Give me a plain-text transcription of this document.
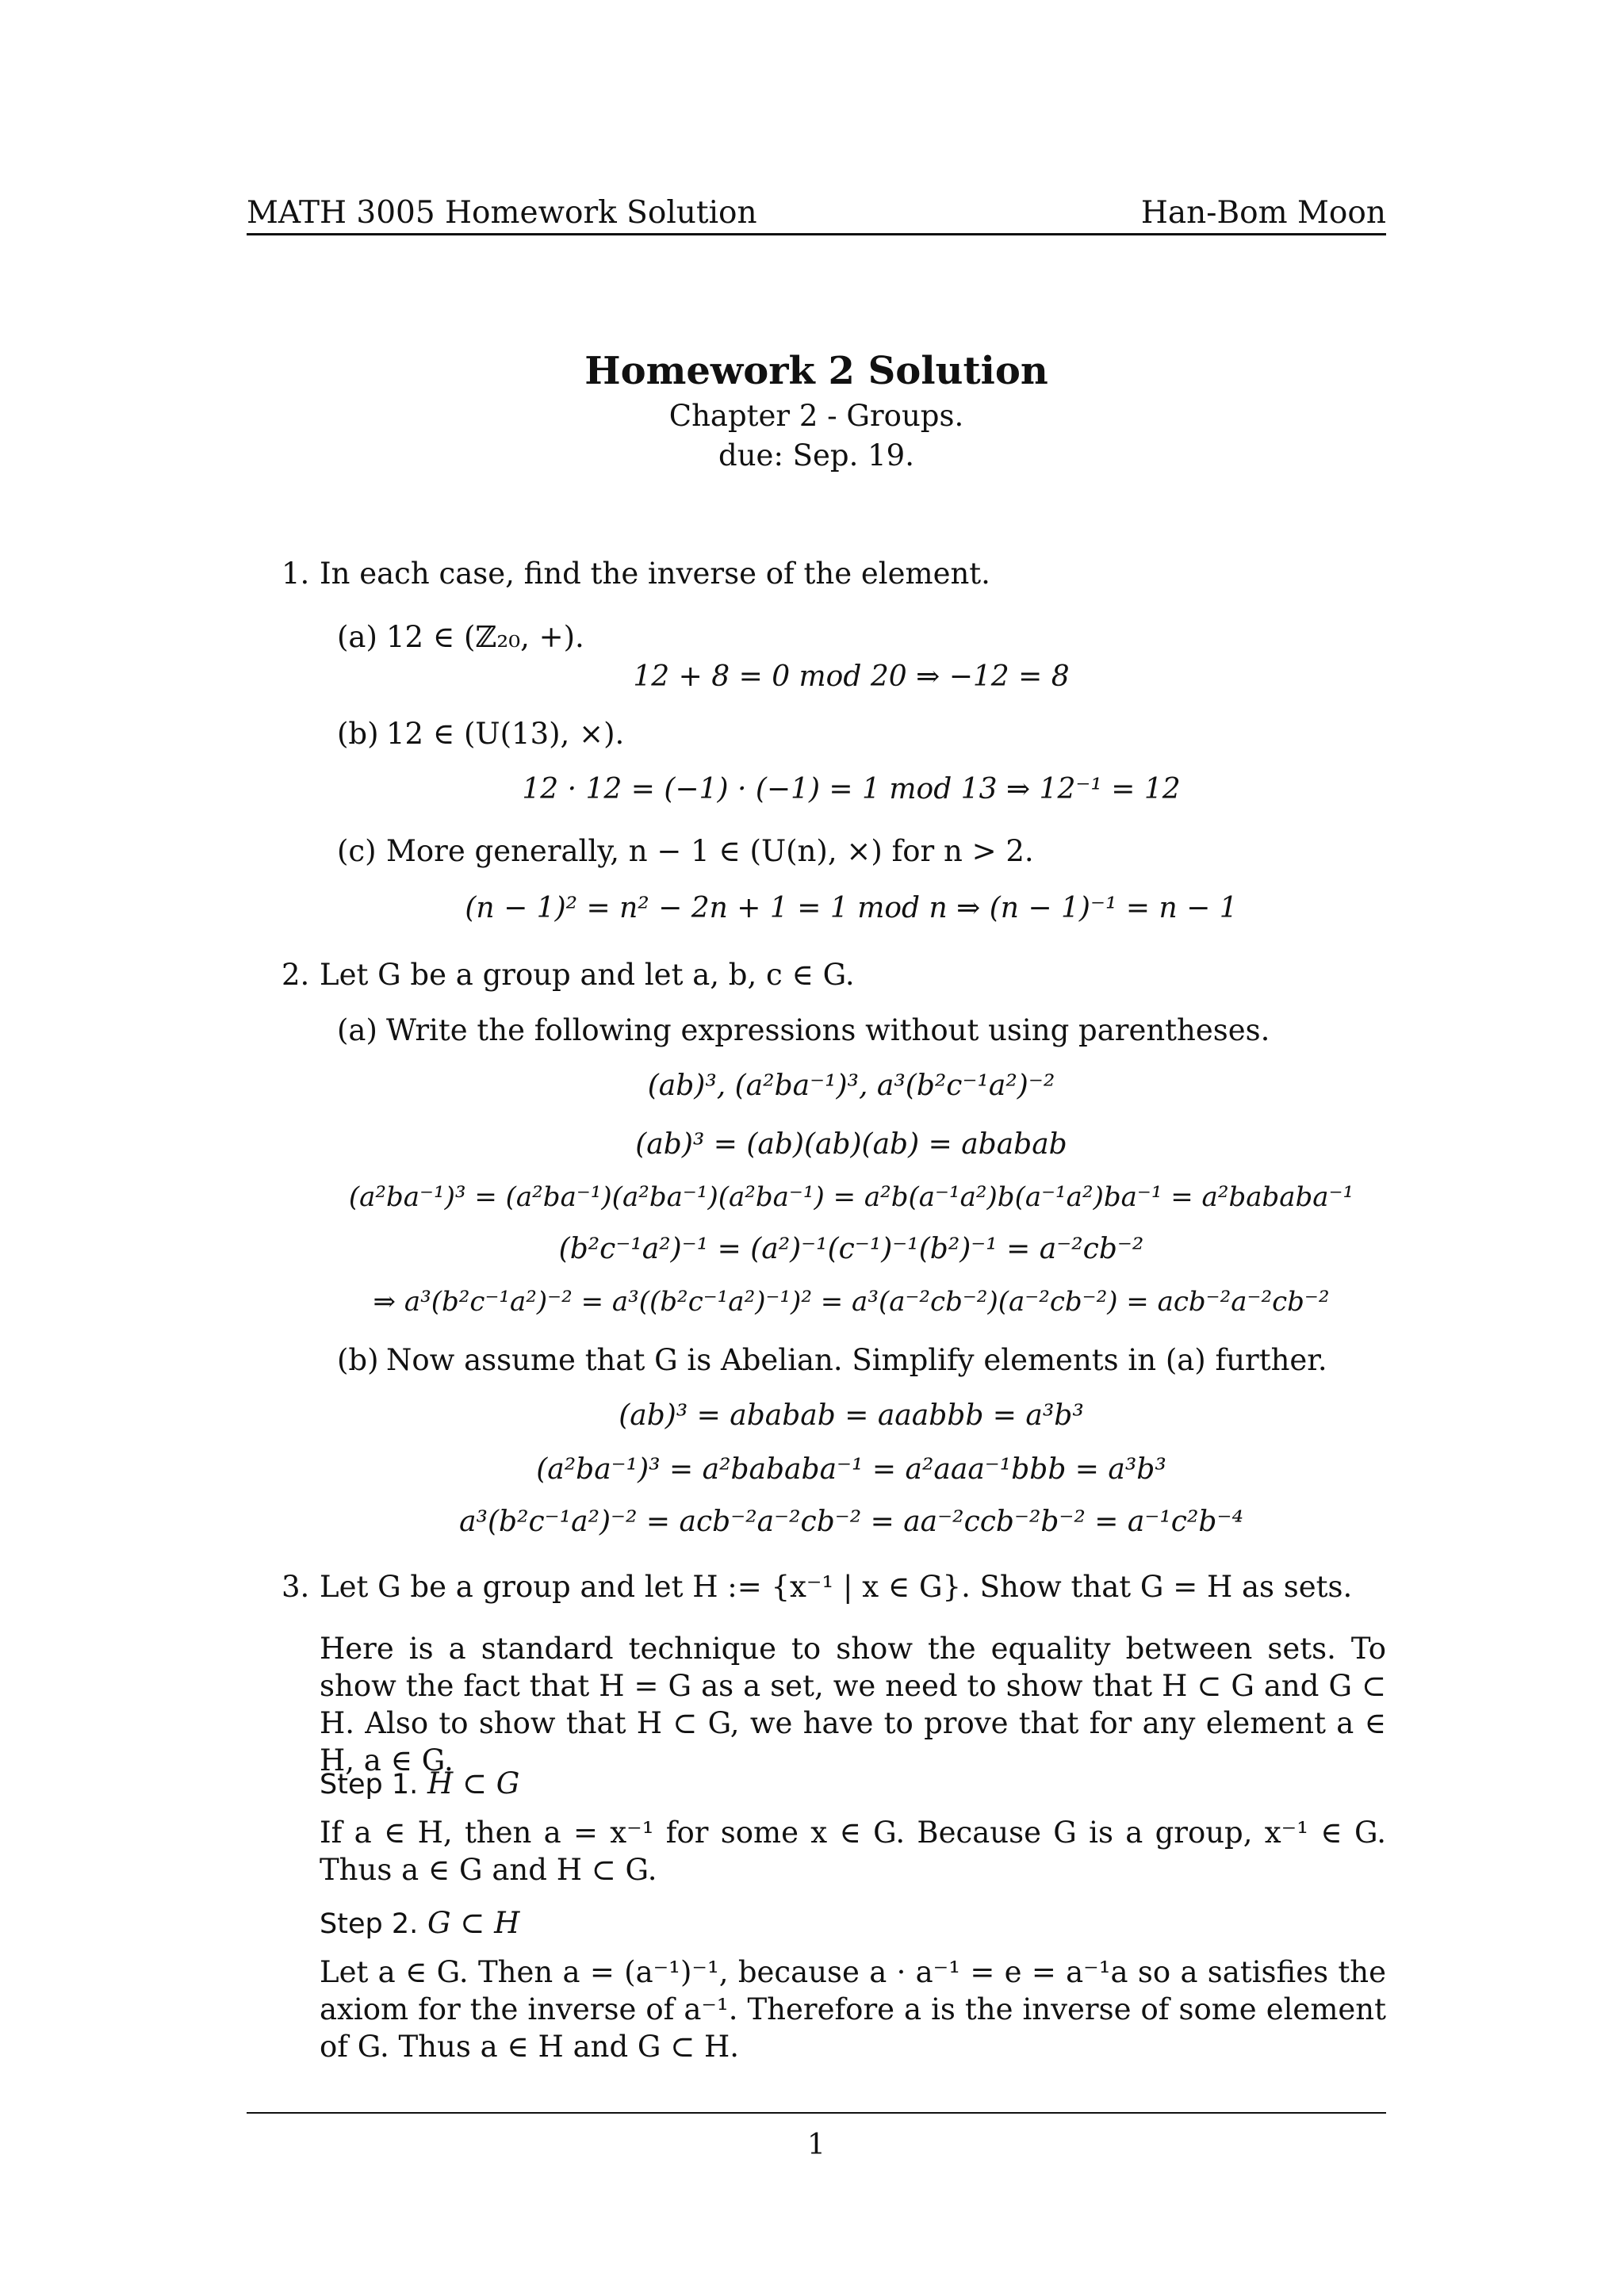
MATH 3005 Homework Solution	Han-Bom Moon
Homework 2 Solution
Chapter 2 - Groups.
due: Sep. 19.
1. In each case, find the inverse of the element.
(a) 12 ∈ (ℤ₂₀, +).
12 + 8 = 0 mod 20 ⇒ −12 = 8
(b) 12 ∈ (U(13), ×).
12 · 12 = (−1) · (−1) = 1 mod 13 ⇒ 12⁻¹ = 12
(c) More generally, n − 1 ∈ (U(n), ×) for n > 2.
(n − 1)² = n² − 2n + 1 = 1 mod n ⇒ (n − 1)⁻¹ = n − 1
2. Let G be a group and let a, b, c ∈ G.
(a) Write the following expressions without using parentheses.
(ab)³, (a²ba⁻¹)³, a³(b²c⁻¹a²)⁻²
(ab)³ = (ab)(ab)(ab) = ababab
(a²ba⁻¹)³ = (a²ba⁻¹)(a²ba⁻¹)(a²ba⁻¹) = a²b(a⁻¹a²)b(a⁻¹a²)ba⁻¹ = a²bababa⁻¹
(b²c⁻¹a²)⁻¹ = (a²)⁻¹(c⁻¹)⁻¹(b²)⁻¹ = a⁻²cb⁻²
⇒ a³(b²c⁻¹a²)⁻² = a³((b²c⁻¹a²)⁻¹)² = a³(a⁻²cb⁻²)(a⁻²cb⁻²) = acb⁻²a⁻²cb⁻²
(b) Now assume that G is Abelian. Simplify elements in (a) further.
(ab)³ = ababab = aaabbb = a³b³
(a²ba⁻¹)³ = a²bababa⁻¹ = a²aaa⁻¹bbb = a³b³
a³(b²c⁻¹a²)⁻² = acb⁻²a⁻²cb⁻² = aa⁻²ccb⁻²b⁻² = a⁻¹c²b⁻⁴
3. Let G be a group and let H := {x⁻¹ | x ∈ G}. Show that G = H as sets.
Here is a standard technique to show the equality between sets. To show the fact that H = G as a set, we need to show that H ⊂ G and G ⊂ H. Also to show that H ⊂ G, we have to prove that for any element a ∈ H, a ∈ G.
Step 1. H ⊂ G
If a ∈ H, then a = x⁻¹ for some x ∈ G. Because G is a group, x⁻¹ ∈ G. Thus a ∈ G and H ⊂ G.
Step 2. G ⊂ H
Let a ∈ G. Then a = (a⁻¹)⁻¹, because a · a⁻¹ = e = a⁻¹a so a satisfies the axiom for the inverse of a⁻¹. Therefore a is the inverse of some element of G. Thus a ∈ H and G ⊂ H.
1
